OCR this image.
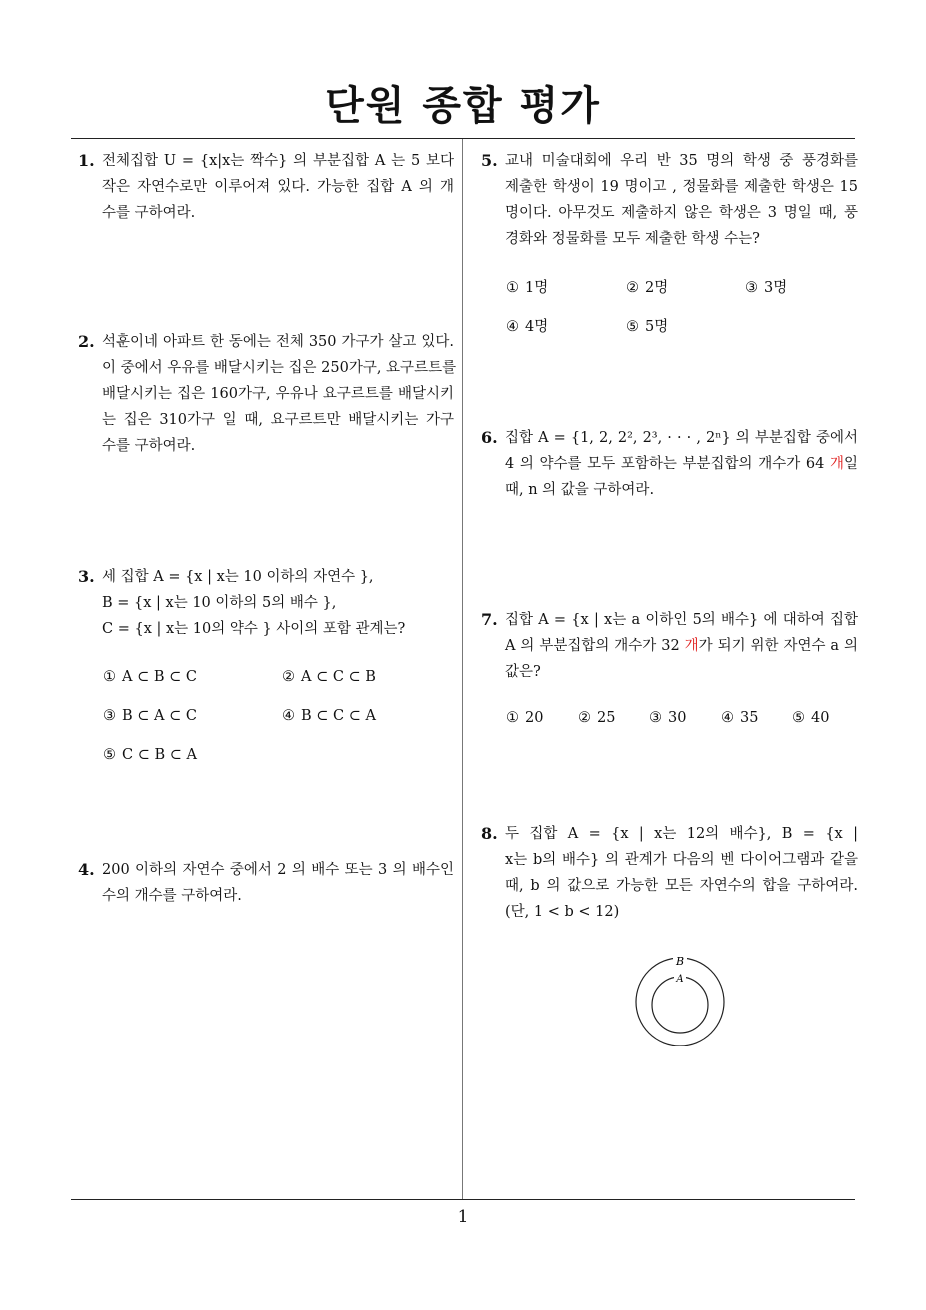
단원 종합 평가
1. 전체집합 U = {x|x는 짝수} 의 부분집합 A 는 5 보다
작은 자연수로만 이루어져 있다. 가능한 집합 A 의 개
수를 구하여라.
2. 석훈이네 아파트 한 동에는 전체 350 가구가 살고 있다.
이 중에서 우유를 배달시키는 집은 250가구, 요구르트를
배달시키는 집은 160가구, 우유나 요구르트를 배달시키
는 집은 310가구 일 때, 요구르트만 배달시키는 가구
수를 구하여라.
3. 세 집합 A = {x | x는 10 이하의 자연수 },
B = {x | x는 10 이하의 5의 배수 },
C = {x | x는 10의 약수 } 사이의 포함 관계는?
① A ⊂ B ⊂ C	② A ⊂ C ⊂ B
③ B ⊂ A ⊂ C	④ B ⊂ C ⊂ A
⑤ C ⊂ B ⊂ A
4. 200 이하의 자연수 중에서 2 의 배수 또는 3 의 배수인
수의 개수를 구하여라.
5. 교내 미술대회에 우리 반 35 명의 학생 중 풍경화를
제출한 학생이 19 명이고 , 정물화를 제출한 학생은 15
명이다. 아무것도 제출하지 않은 학생은 3 명일 때, 풍
경화와 정물화를 모두 제출한 학생 수는?
① 1명	② 2명	③ 3명
④ 4명	⑤ 5명
6. 집합 A = {1, 2, 2², 2³, · · · , 2ⁿ} 의 부분집합 중에서
4 의 약수를 모두 포함하는 부분집합의 개수가 64 개일
때, n 의 값을 구하여라.
7. 집합 A = {x | x는 a 이하인 5의 배수} 에 대하여 집합
A 의 부분집합의 개수가 32 개가 되기 위한 자연수 a 의
값은?
① 20 ② 25 ③ 30 ④ 35 ⑤ 40
8. 두 집합 A = {x | x는 12의 배수}, B = {x |
x는 b의 배수} 의 관계가 다음의 벤 다이어그램과 같을
때, b 의 값으로 가능한 모든 자연수의 합을 구하여라.
(단, 1 < b < 12)
B
A
1
